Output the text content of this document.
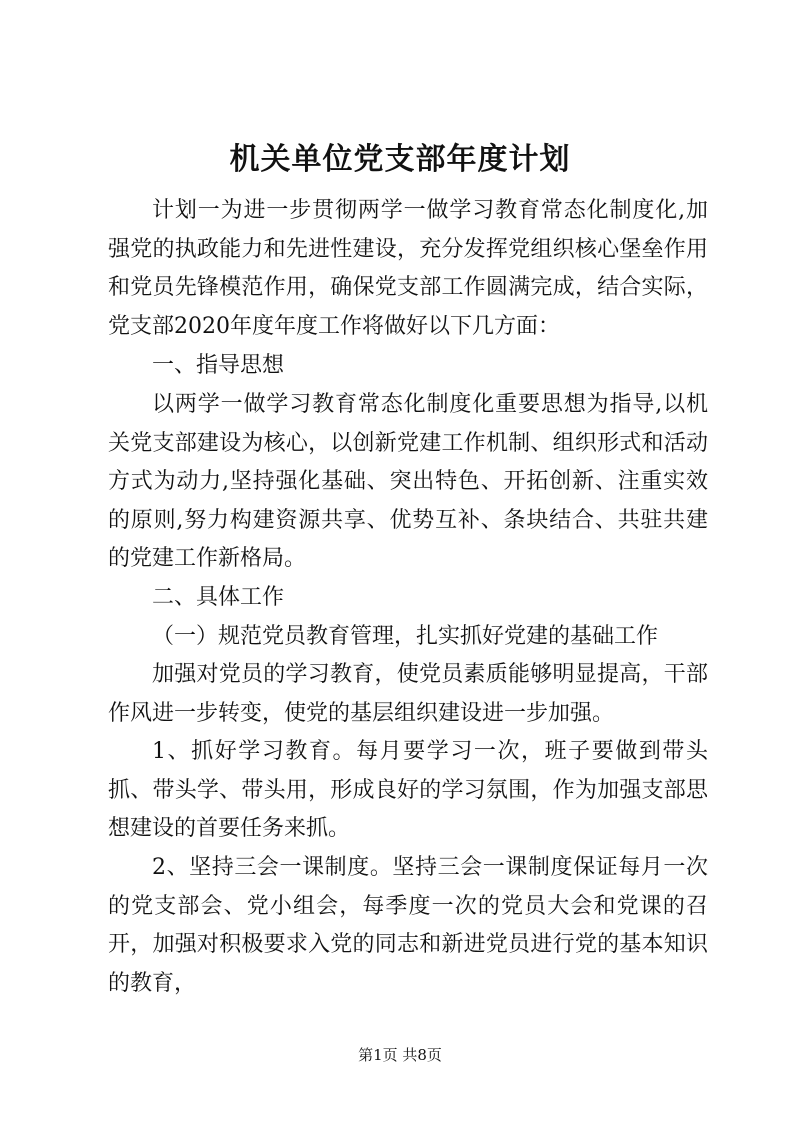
机关单位党支部年度计划

计划一为进一步贯彻两学一做学习教育常态化制度化,加强党的执政能力和先进性建设，充分发挥党组织核心堡垒作用和党员先锋模范作用，确保党支部工作圆满完成，结合实际，党支部2020年度年度工作将做好以下几方面：

一、指导思想

以两学一做学习教育常态化制度化重要思想为指导,以机关党支部建设为核心，以创新党建工作机制、组织形式和活动方式为动力,坚持强化基础、突出特色、开拓创新、注重实效的原则,努力构建资源共享、优势互补、条块结合、共驻共建的党建工作新格局。

二、具体工作

（一）规范党员教育管理，扎实抓好党建的基础工作

加强对党员的学习教育，使党员素质能够明显提高，干部作风进一步转变，使党的基层组织建设进一步加强。

1、抓好学习教育。每月要学习一次，班子要做到带头抓、带头学、带头用，形成良好的学习氛围，作为加强支部思想建设的首要任务来抓。

2、坚持三会一课制度。坚持三会一课制度保证每月一次的党支部会、党小组会，每季度一次的党员大会和党课的召开，加强对积极要求入党的同志和新进党员进行党的基本知识的教育，

第1页 共8页
